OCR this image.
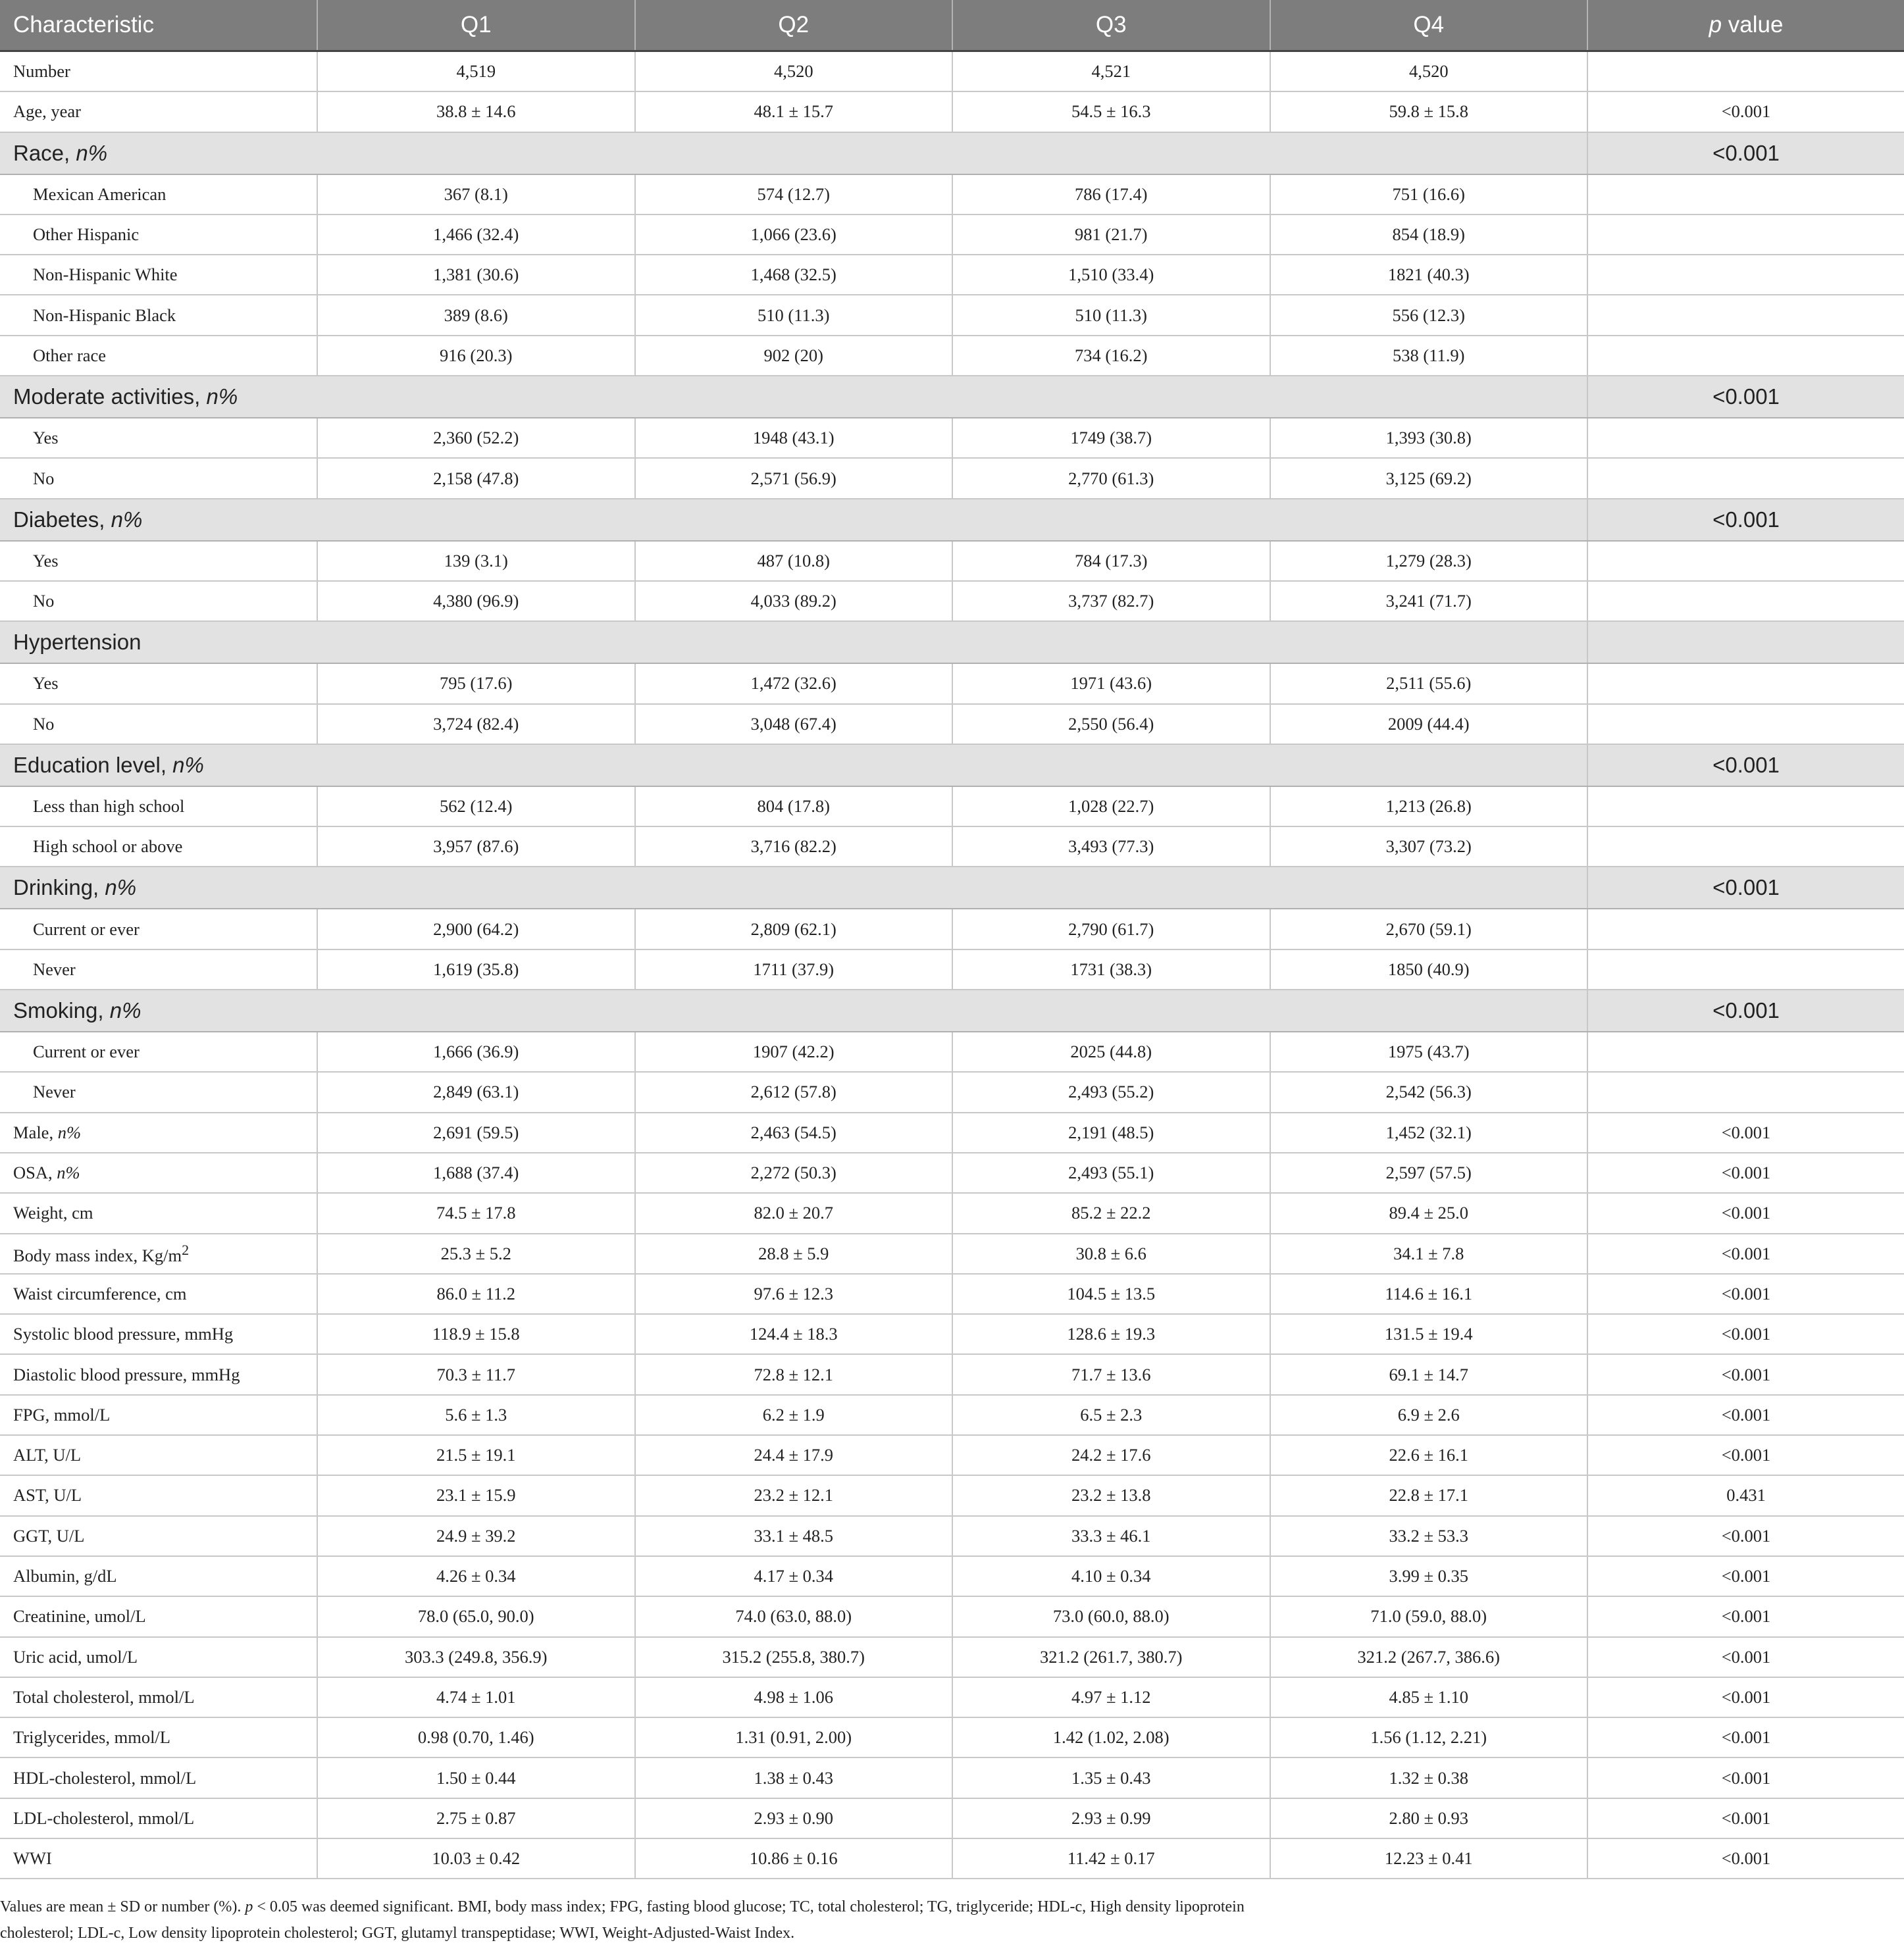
Characteristic	Q1	Q2	Q3	Q4	p value
Number	4,519	4,520	4,521	4,520	
Age, year	38.8 ± 14.6	48.1 ± 15.7	54.5 ± 16.3	59.8 ± 15.8	<0.001
Race, n%					<0.001
Mexican American	367 (8.1)	574 (12.7)	786 (17.4)	751 (16.6)	
Other Hispanic	1,466 (32.4)	1,066 (23.6)	981 (21.7)	854 (18.9)	
Non-Hispanic White	1,381 (30.6)	1,468 (32.5)	1,510 (33.4)	1821 (40.3)	
Non-Hispanic Black	389 (8.6)	510 (11.3)	510 (11.3)	556 (12.3)	
Other race	916 (20.3)	902 (20)	734 (16.2)	538 (11.9)	
Moderate activities, n%					<0.001
Yes	2,360 (52.2)	1948 (43.1)	1749 (38.7)	1,393 (30.8)	
No	2,158 (47.8)	2,571 (56.9)	2,770 (61.3)	3,125 (69.2)	
Diabetes, n%					<0.001
Yes	139 (3.1)	487 (10.8)	784 (17.3)	1,279 (28.3)	
No	4,380 (96.9)	4,033 (89.2)	3,737 (82.7)	3,241 (71.7)	
Hypertension					
Yes	795 (17.6)	1,472 (32.6)	1971 (43.6)	2,511 (55.6)	
No	3,724 (82.4)	3,048 (67.4)	2,550 (56.4)	2009 (44.4)	
Education level, n%					<0.001
Less than high school	562 (12.4)	804 (17.8)	1,028 (22.7)	1,213 (26.8)	
High school or above	3,957 (87.6)	3,716 (82.2)	3,493 (77.3)	3,307 (73.2)	
Drinking, n%					<0.001
Current or ever	2,900 (64.2)	2,809 (62.1)	2,790 (61.7)	2,670 (59.1)	
Never	1,619 (35.8)	1711 (37.9)	1731 (38.3)	1850 (40.9)	
Smoking, n%					<0.001
Current or ever	1,666 (36.9)	1907 (42.2)	2025 (44.8)	1975 (43.7)	
Never	2,849 (63.1)	2,612 (57.8)	2,493 (55.2)	2,542 (56.3)	
Male, n%	2,691 (59.5)	2,463 (54.5)	2,191 (48.5)	1,452 (32.1)	<0.001
OSA, n%	1,688 (37.4)	2,272 (50.3)	2,493 (55.1)	2,597 (57.5)	<0.001
Weight, cm	74.5 ± 17.8	82.0 ± 20.7	85.2 ± 22.2	89.4 ± 25.0	<0.001
Body mass index, $Kg/m^2$	25.3 ± 5.2	28.8 ± 5.9	30.8 ± 6.6	34.1 ± 7.8	<0.001
Waist circumference, cm	86.0 ± 11.2	97.6 ± 12.3	104.5 ± 13.5	114.6 ± 16.1	<0.001
Systolic blood pressure, mmHg	118.9 ± 15.8	124.4 ± 18.3	128.6 ± 19.3	131.5 ± 19.4	<0.001
Diastolic blood pressure, mmHg	70.3 ± 11.7	72.8 ± 12.1	71.7 ± 13.6	69.1 ± 14.7	<0.001
FPG, mmol/L	5.6 ± 1.3	6.2 ± 1.9	6.5 ± 2.3	6.9 ± 2.6	<0.001
ALT, U/L	21.5 ± 19.1	24.4 ± 17.9	24.2 ± 17.6	22.6 ± 16.1	<0.001
AST, U/L	23.1 ± 15.9	23.2 ± 12.1	23.2 ± 13.8	22.8 ± 17.1	0.431
GGT, U/L	24.9 ± 39.2	33.1 ± 48.5	33.3 ± 46.1	33.2 ± 53.3	<0.001
Albumin, g/dL	4.26 ± 0.34	4.17 ± 0.34	4.10 ± 0.34	3.99 ± 0.35	<0.001
Creatinine, umol/L	78.0 (65.0, 90.0)	74.0 (63.0, 88.0)	73.0 (60.0, 88.0)	71.0 (59.0, 88.0)	<0.001
Uric acid, umol/L	303.3 (249.8, 356.9)	315.2 (255.8, 380.7)	321.2 (261.7, 380.7)	321.2 (267.7, 386.6)	<0.001
Total cholesterol, mmol/L	4.74 ± 1.01	4.98 ± 1.06	4.97 ± 1.12	4.85 ± 1.10	<0.001
Triglycerides, mmol/L	0.98 (0.70, 1.46)	1.31 (0.91, 2.00)	1.42 (1.02, 2.08)	1.56 (1.12, 2.21)	<0.001
HDL-cholesterol, mmol/L	1.50 ± 0.44	1.38 ± 0.43	1.35 ± 0.43	1.32 ± 0.38	<0.001
LDL-cholesterol, mmol/L	2.75 ± 0.87	2.93 ± 0.90	2.93 ± 0.99	2.80 ± 0.93	<0.001
WWI	10.03 ± 0.42	10.86 ± 0.16	11.42 ± 0.17	12.23 ± 0.41	<0.001
Values are mean ± SD or number (%). p < 0.05 was deemed significant. BMI, body mass index; FPG, fasting blood glucose; TC, total cholesterol; TG, triglyceride; HDL-c, High density lipoprotein cholesterol; LDL-c, Low density lipoprotein cholesterol; GGT, glutamyl transpeptidase; WWI, Weight-Adjusted-Waist Index.
